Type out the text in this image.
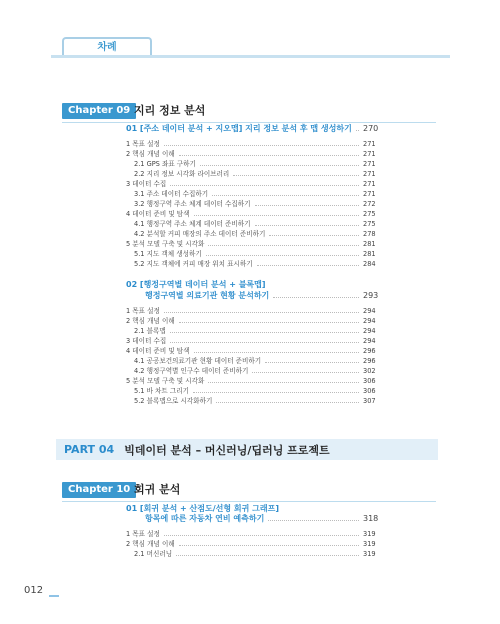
차례
Chapter 09 지리 정보 분석
01 [주소 데이터 분석 + 지오맵] 지리 정보 분석 후 맵 생성하기 270
1 목표 설정	271
2 핵심 개념 이해	271
2.1 GPS 좌표 구하기	271
2.2 지리 정보 시각화 라이브러리	271
3 데이터 수집	271
3.1 주소 데이터 수집하기	271
3.2 행정구역 주소 체계 데이터 수집하기	272
4 데이터 준비 및 탐색	275
4.1 행정구역 주소 체계 데이터 준비하기	275
4.2 분석할 커피 매장의 주소 데이터 준비하기	278
5 분석 모델 구축 및 시각화	281
5.1 지도 객체 생성하기	281
5.2 지도 객체에 커피 매장 위치 표시하기	284
02 [행정구역별 데이터 분석 + 블록맵]
행정구역별 의료기관 현황 분석하기	293
1 목표 설정	294
2 핵심 개념 이해	294
2.1 블록맵	294
3 데이터 수집	294
4 데이터 준비 및 탐색	296
4.1 공공보건의료기관 현황 데이터 준비하기	296
4.2 행정구역별 인구수 데이터 준비하기	302
5 분석 모델 구축 및 시각화	306
5.1 바 차트 그리기	306
5.2 블록맵으로 시각화하기	307
PART 04 빅데이터 분석 – 머신러닝/딥러닝 프로젝트
Chapter 10 회귀 분석
01 [회귀 분석 + 산점도/선형 회귀 그래프]
항목에 따른 자동차 연비 예측하기	318
1 목표 설정	319
2 핵심 개념 이해	319
2.1 머신러닝	319
012
